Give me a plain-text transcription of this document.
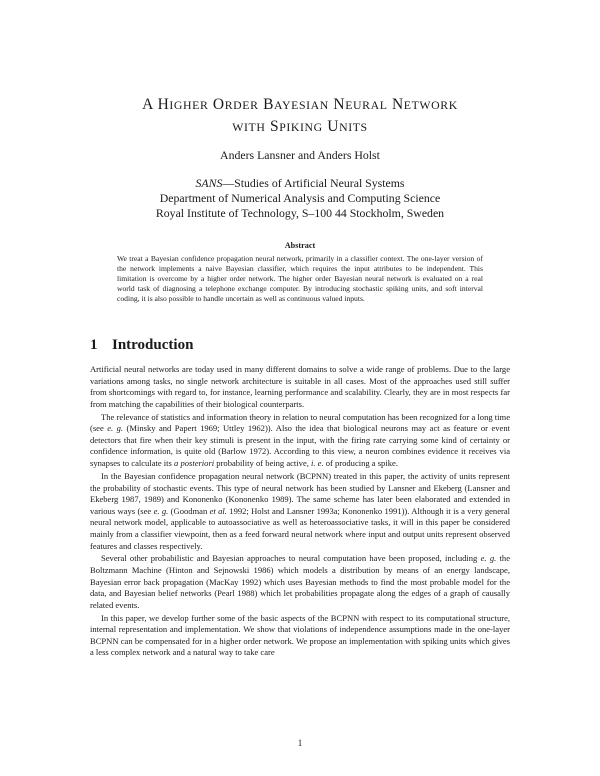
A HIGHER ORDER BAYESIAN NEURAL NETWORK
WITH SPIKING UNITS
Anders Lansner and Anders Holst
SANS—Studies of Artificial Neural Systems
Department of Numerical Analysis and Computing Science
Royal Institute of Technology, S–100 44 Stockholm, Sweden
Abstract
We treat a Bayesian confidence propagation neural network, primarily in a classifier context. The one-layer version of the network implements a naive Bayesian classifier, which requires the input attributes to be independent. This limitation is overcome by a higher order network. The higher order Bayesian neural network is evaluated on a real world task of diagnosing a telephone exchange computer. By introducing stochastic spiking units, and soft interval coding, it is also possible to handle uncertain as well as continuous valued inputs.
1 Introduction

Artificial neural networks are today used in many different domains to solve a wide range of problems. Due to the large variations among tasks, no single network architecture is suitable in all cases. Most of the approaches used still suffer from shortcomings with regard to, for instance, learning performance and scalability. Clearly, they are in most respects far from matching the capabilities of their biological counterparts.

The relevance of statistics and information theory in relation to neural computation has been recognized for a long time (see e. g. (Minsky and Papert 1969; Uttley 1962)). Also the idea that biological neurons may act as feature or event detectors that fire when their key stimuli is present in the input, with the firing rate carrying some kind of certainty or confidence information, is quite old (Barlow 1972). According to this view, a neuron combines evidence it receives via synapses to calculate its a posteriori probability of being active, i. e. of producing a spike.

In the Bayesian confidence propagation neural network (BCPNN) treated in this paper, the activity of units represent the probability of stochastic events. This type of neural network has been studied by Lansner and Ekeberg (Lansner and Ekeberg 1987, 1989) and Kononenko (Kononenko 1989). The same scheme has later been elaborated and extended in various ways (see e. g. (Goodman et al. 1992; Holst and Lansner 1993a; Kononenko 1991)). Although it is a very general neural network model, applicable to autoassociative as well as heteroassociative tasks, it will in this paper be considered mainly from a classifier viewpoint, then as a feed forward neural network where input and output units represent observed features and classes respectively.

Several other probabilistic and Bayesian approaches to neural computation have been proposed, including e. g. the Boltzmann Machine (Hinton and Sejnowski 1986) which models a distribution by means of an energy landscape, Bayesian error back propagation (MacKay 1992) which uses Bayesian methods to find the most probable model for the data, and Bayesian belief networks (Pearl 1988) which let probabilities propagate along the edges of a graph of causally related events.

In this paper, we develop further some of the basic aspects of the BCPNN with respect to its computational structure, internal representation and implementation. We show that violations of independence assumptions made in the one-layer BCPNN can be compensated for in a higher order network. We propose an implementation with spiking units which gives a less complex network and a natural way to take care

1
